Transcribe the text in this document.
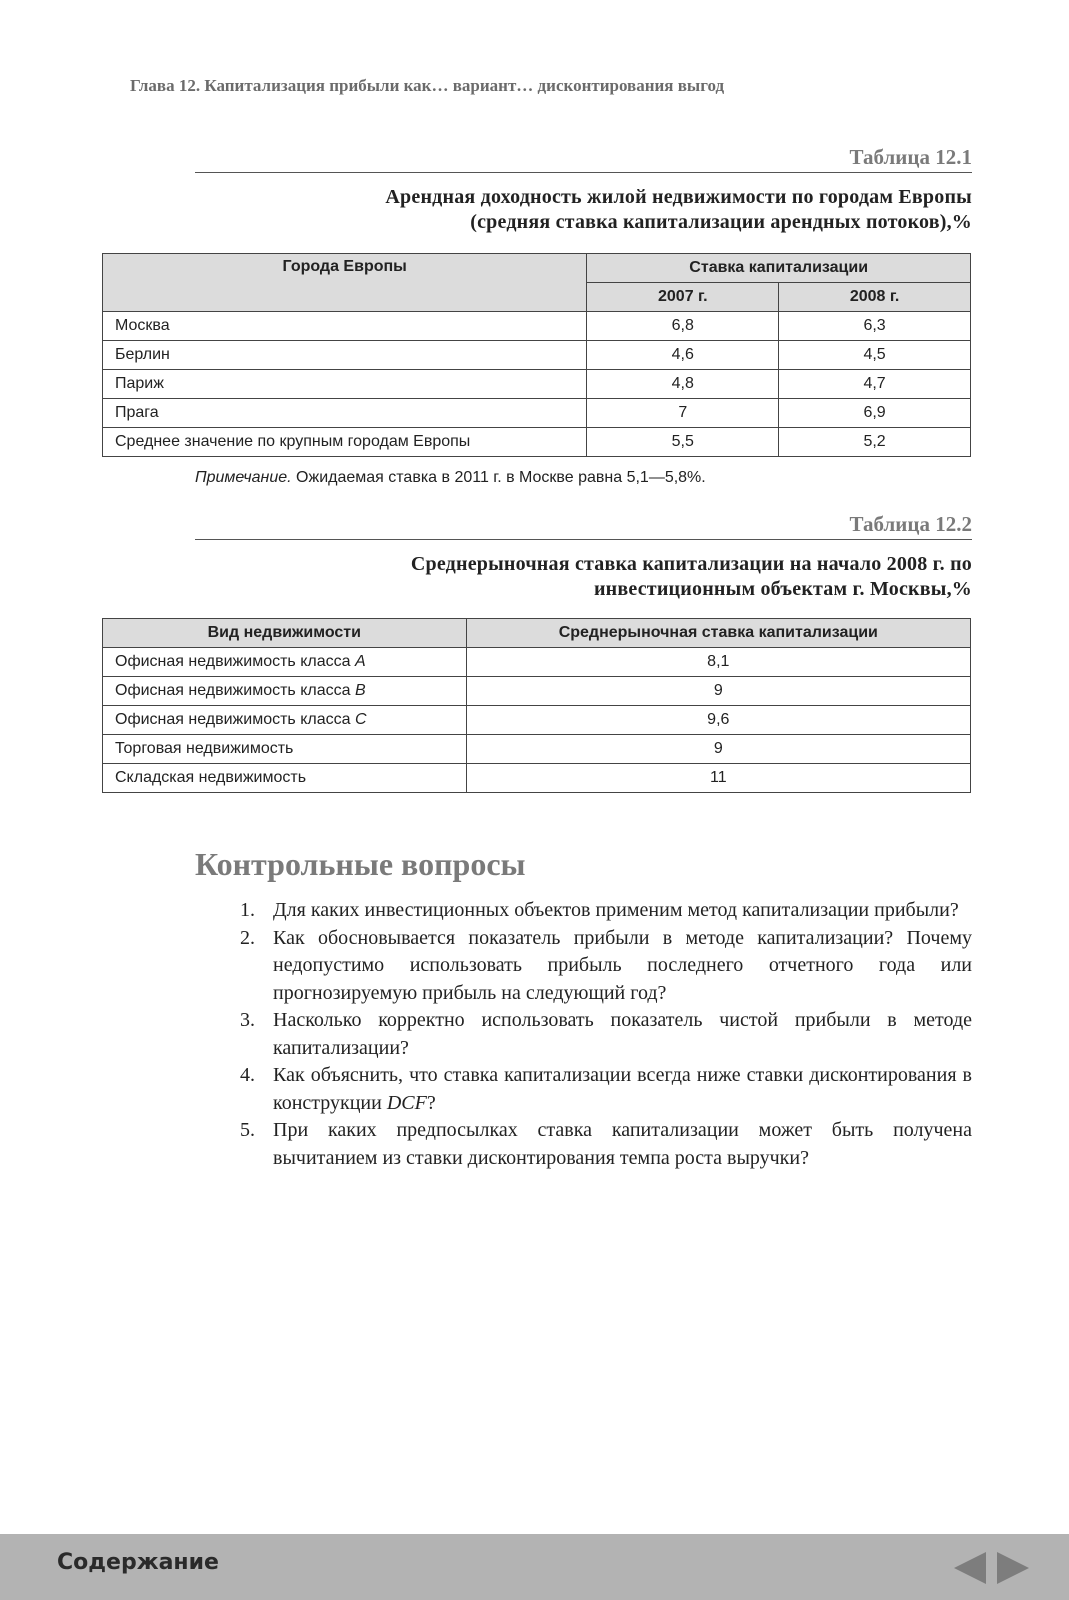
Глава 12. Капитализация прибыли как… вариант… дисконтирования выгод
Таблица 12.1
Арендная доходность жилой недвижимости по городам Европы
(средняя ставка капитализации арендных потоков),%
Города Европы	Ставка капитализации	
	2007 г.	2008 г.
Москва	6,8	6,3
Берлин	4,6	4,5
Париж	4,8	4,7
Прага	7	6,9
Среднее значение по крупным городам Европы	5,5	5,2
Примечание. Ожидаемая ставка в 2011 г. в Москве равна 5,1—5,8%.
Таблица 12.2
Среднерыночная ставка капитализации на начало 2008 г. по
инвестиционным объектам г. Москвы,%
Вид недвижимости	Среднерыночная ставка капитализации
Офисная недвижимость класса A	8,1
Офисная недвижимость класса B	9
Офисная недвижимость класса C	9,6
Торговая недвижимость	9
Складская недвижимость	11
Контрольные вопросы
1. Для каких инвестиционных объектов применим метод капитализации прибыли?
2. Как обосновывается показатель прибыли в методе капитализации? Почему недопустимо использовать прибыль последнего отчетного года или прогнозируемую прибыль на следующий год?
3. Насколько корректно использовать показатель чистой прибыли в методе капитализации?
4. Как объяснить, что ставка капитализации всегда ниже ставки дисконтирования в конструкции DCF?
5. При каких предпосылках ставка капитализации может быть получена вычитанием из ставки дисконтирования темпа роста выручки?
Содержание
